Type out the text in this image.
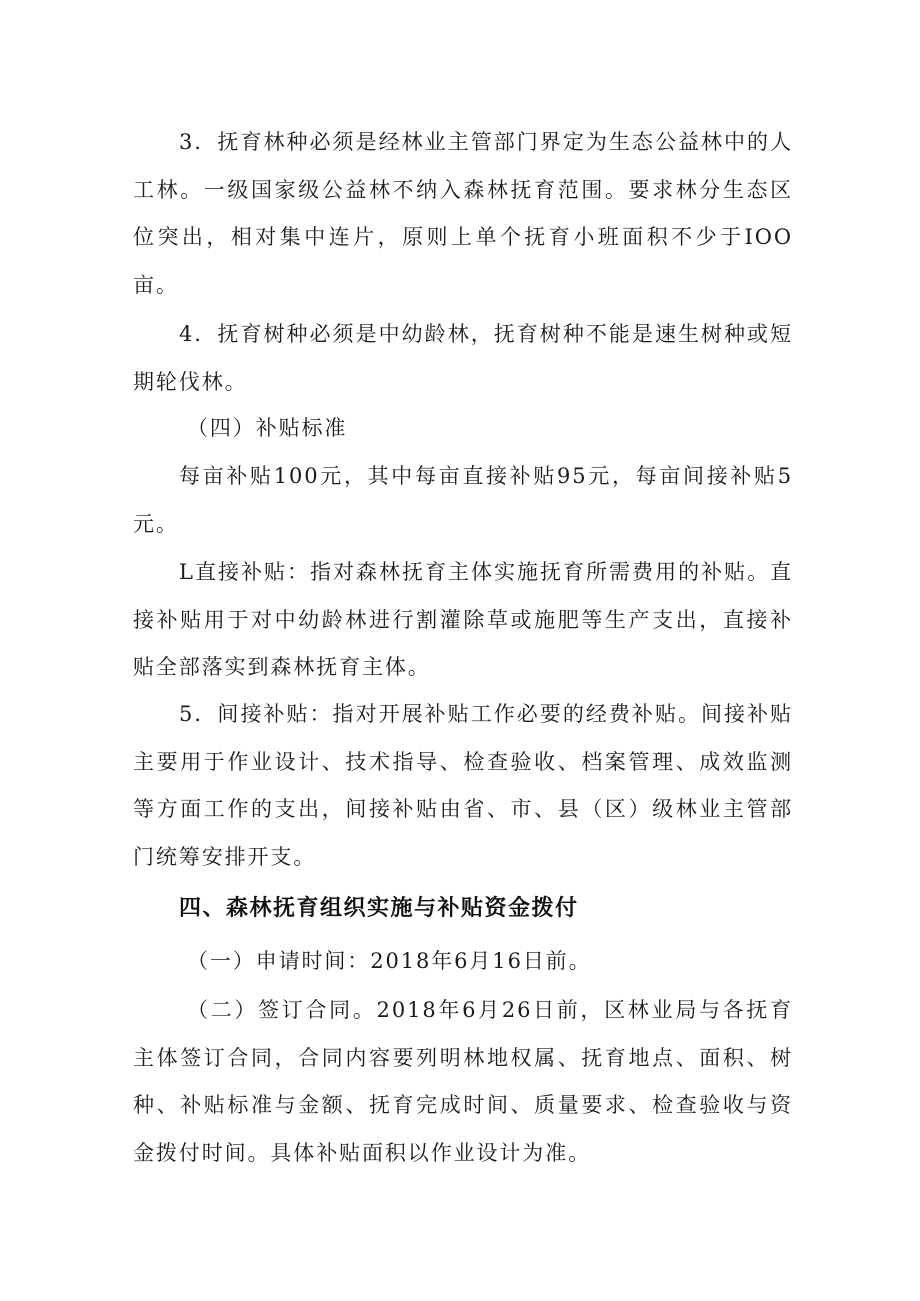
3．抚育林种必须是经林业主管部门界定为生态公益林中的人工林。一级国家级公益林不纳入森林抚育范围。要求林分生态区位突出，相对集中连片，原则上单个抚育小班面积不少于IOO亩。
4．抚育树种必须是中幼龄林，抚育树种不能是速生树种或短期轮伐林。
（四）补贴标准
每亩补贴100元，其中每亩直接补贴95元，每亩间接补贴5元。
L直接补贴：指对森林抚育主体实施抚育所需费用的补贴。直接补贴用于对中幼龄林进行割灌除草或施肥等生产支出，直接补贴全部落实到森林抚育主体。
5．间接补贴：指对开展补贴工作必要的经费补贴。间接补贴主要用于作业设计、技术指导、检查验收、档案管理、成效监测等方面工作的支出，间接补贴由省、市、县（区）级林业主管部门统筹安排开支。
四、森林抚育组织实施与补贴资金拨付
（一）申请时间：2018年6月16日前。
（二）签订合同。2018年6月26日前，区林业局与各抚育主体签订合同，合同内容要列明林地权属、抚育地点、面积、树种、补贴标准与金额、抚育完成时间、质量要求、检查验收与资金拨付时间。具体补贴面积以作业设计为准。
